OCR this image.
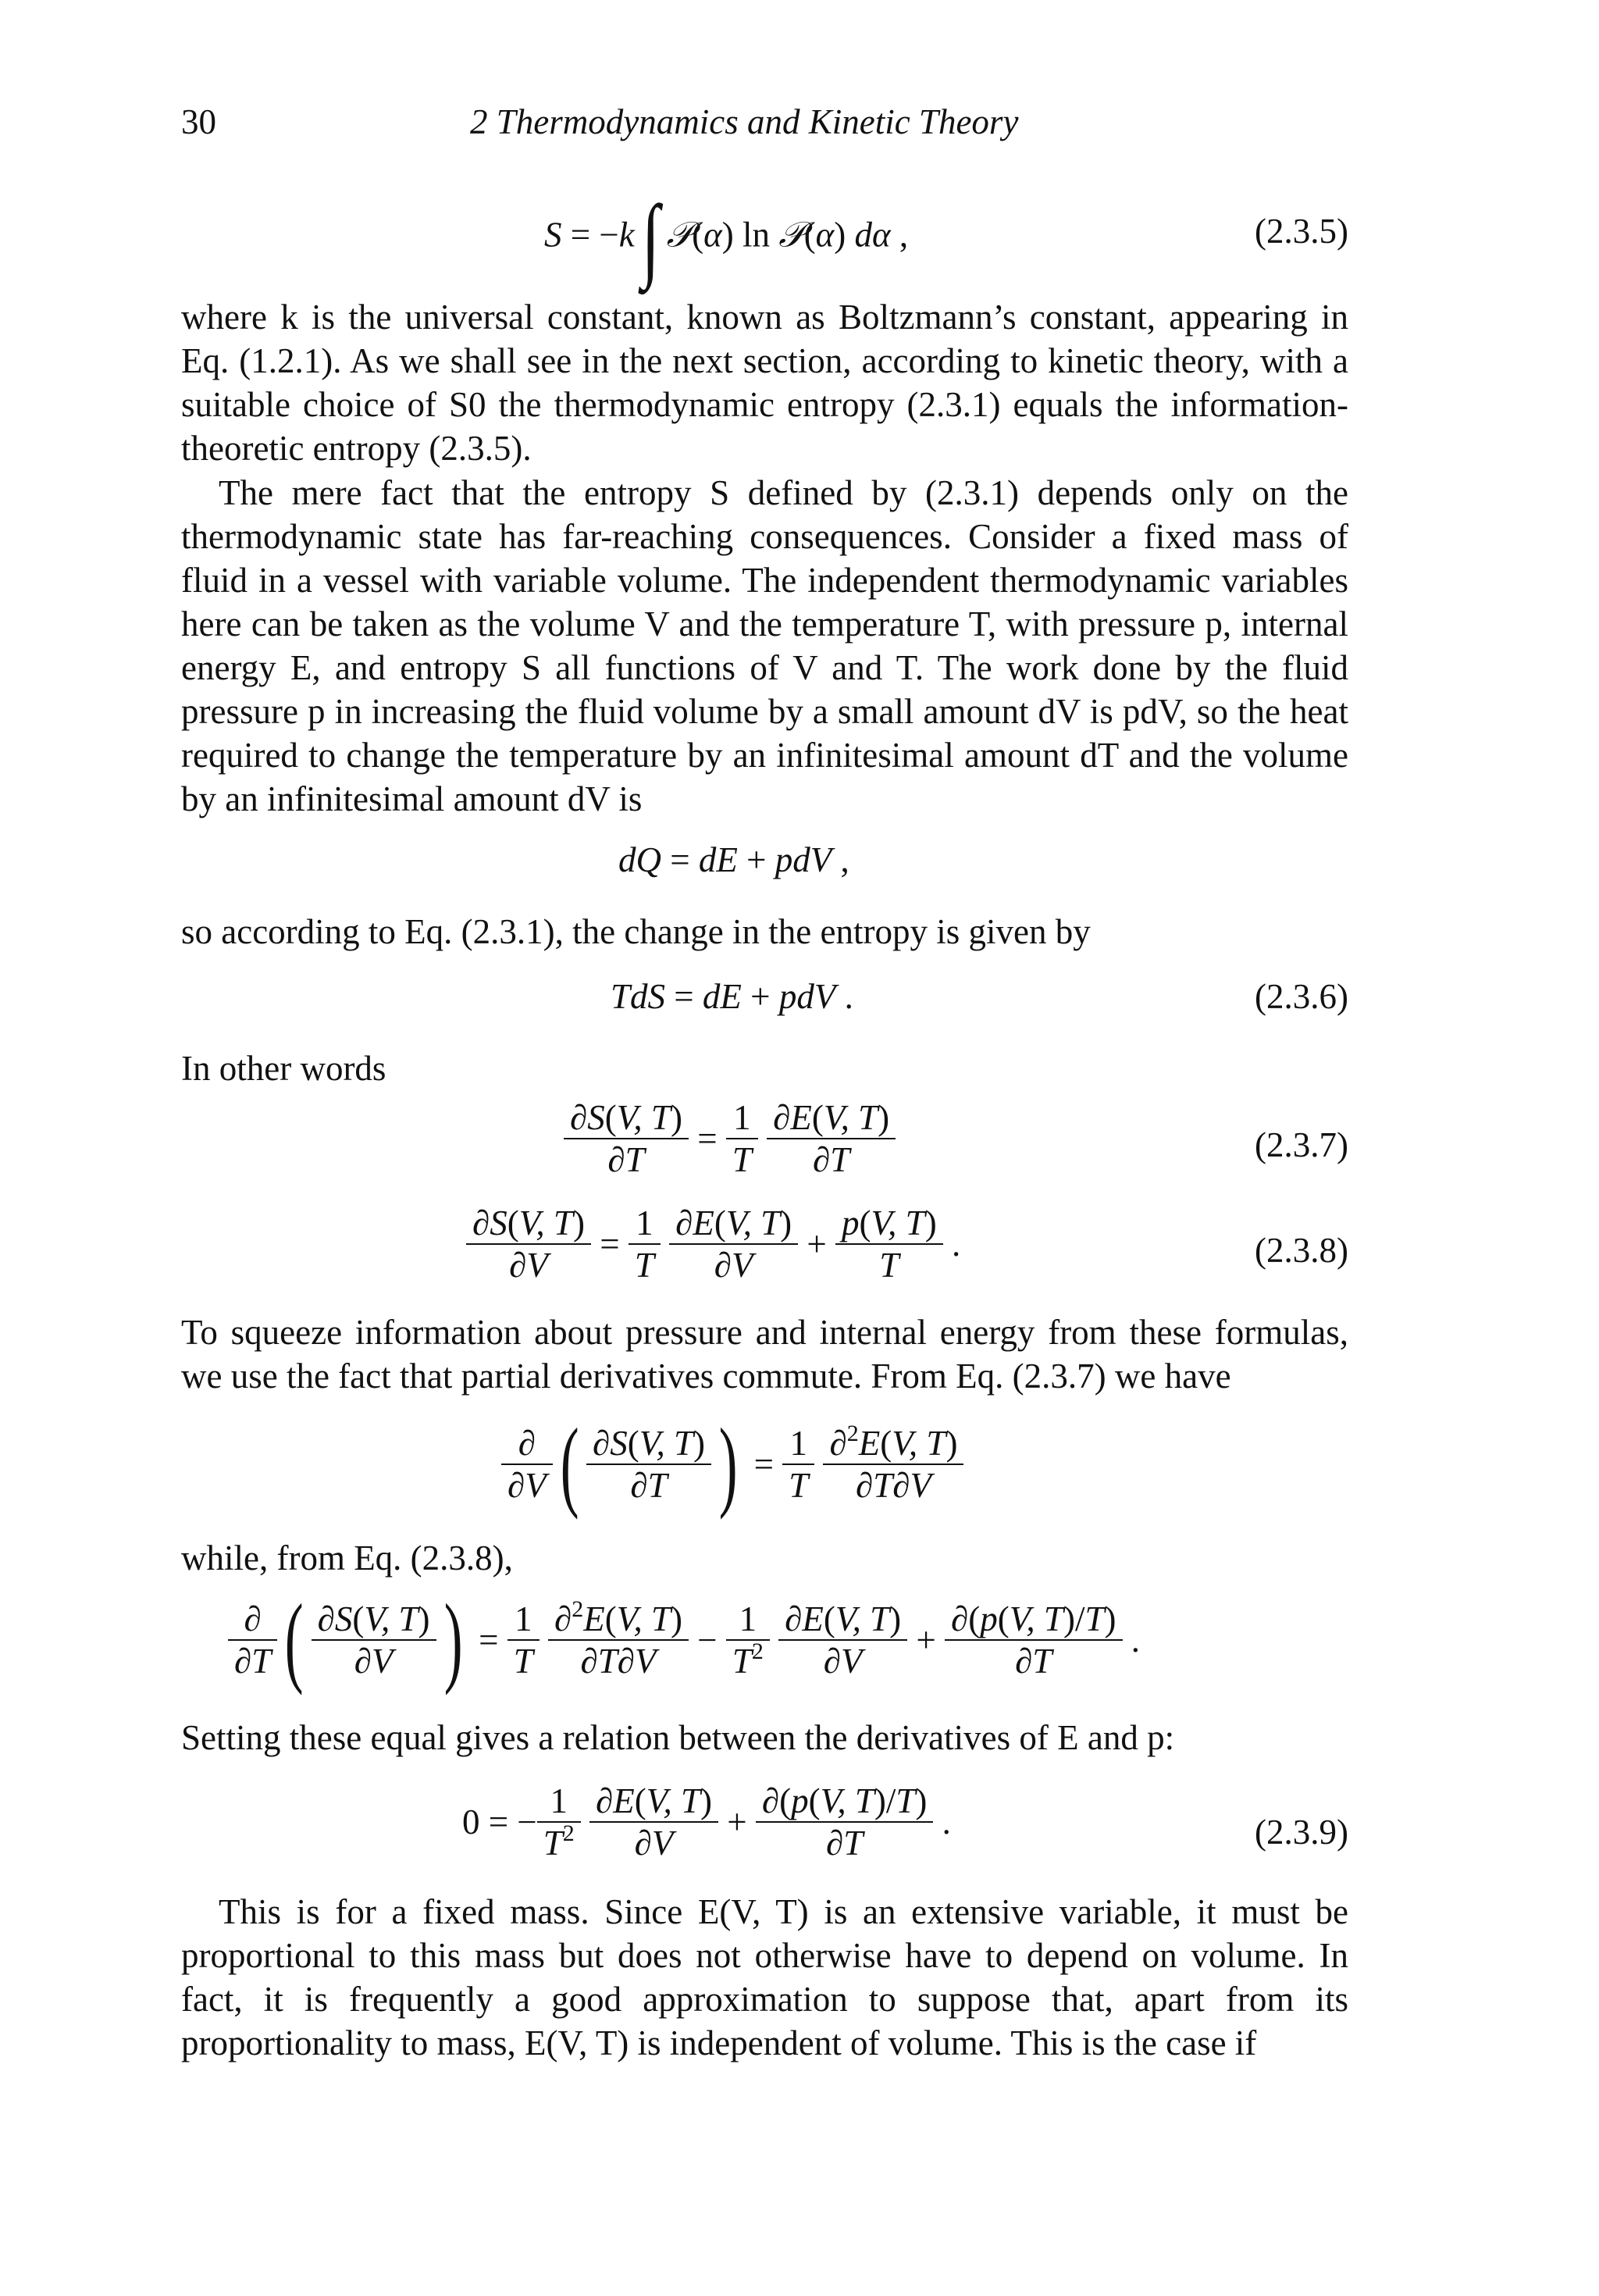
30	2 Thermodynamics and Kinetic Theory
S = −k∫ 𝒫(α) ln 𝒫(α) dα ,	(2.3.5)
where k is the universal constant, known as Boltzmann’s constant, appearing in Eq. (1.2.1). As we shall see in the next section, according to kinetic theory, with a suitable choice of S0 the thermodynamic entropy (2.3.1) equals the information-theoretic entropy (2.3.5).
The mere fact that the entropy S defined by (2.3.1) depends only on the thermodynamic state has far-reaching consequences. Consider a fixed mass of fluid in a vessel with variable volume. The independent thermodynamic variables here can be taken as the volume V and the temperature T, with pressure p, internal energy E, and entropy S all functions of V and T. The work done by the fluid pressure p in increasing the fluid volume by a small amount dV is pdV, so the heat required to change the temperature by an infinitesimal amount dT and the volume by an infinitesimal amount dV is
dQ = dE + pdV ,
so according to Eq. (2.3.1), the change in the entropy is given by
TdS = dE + pdV .	(2.3.6)
In other words
$\frac{\partial S(V, T)}{\partial T} = \frac{1}{T}$
$\frac{\partial E(V, T)}{\partial T}$	(2.3.7)
$\frac{\partial S(V, T)}{\partial V} = \frac{1}{T}$
$\frac{\partial E(V, T)}{\partial V} + \frac{p(V, T)}{T}$ .	(2.3.8)
To squeeze information about pressure and internal energy from these formulas, we use the fact that partial derivatives commute. From Eq. (2.3.7) we have
$\frac{\partial}{\partial V}$ ( $\frac{\partial S(V, T)}{\partial T}$ ) = $\frac{1}{T}$
$\frac{\partial^2E(V, T)}{\partial T\partial V}$
while, from Eq. (2.3.8),
$\frac{\partial}{\partial T}$ ( $\frac{\partial S(V, T)}{\partial V}$ ) = $\frac{1}{T}$
$\frac{\partial^2E(V, T)}{\partial T\partial V} - \frac{1}{T^2}$
$\frac{\partial E(V, T)}{\partial V} + \frac{\partial(p(V, T)/T)}{\partial T}$ .
Setting these equal gives a relation between the derivatives of E and p:
0 = − $\frac{1}{T^2}$
$\frac{\partial E(V, T)}{\partial V} + \frac{\partial(p(V, T)/T)}{\partial T}$ .	(2.3.9)
This is for a fixed mass. Since E(V, T) is an extensive variable, it must be proportional to this mass but does not otherwise have to depend on volume. In fact, it is frequently a good approximation to suppose that, apart from its proportionality to mass, E(V, T) is independent of volume. This is the case if
